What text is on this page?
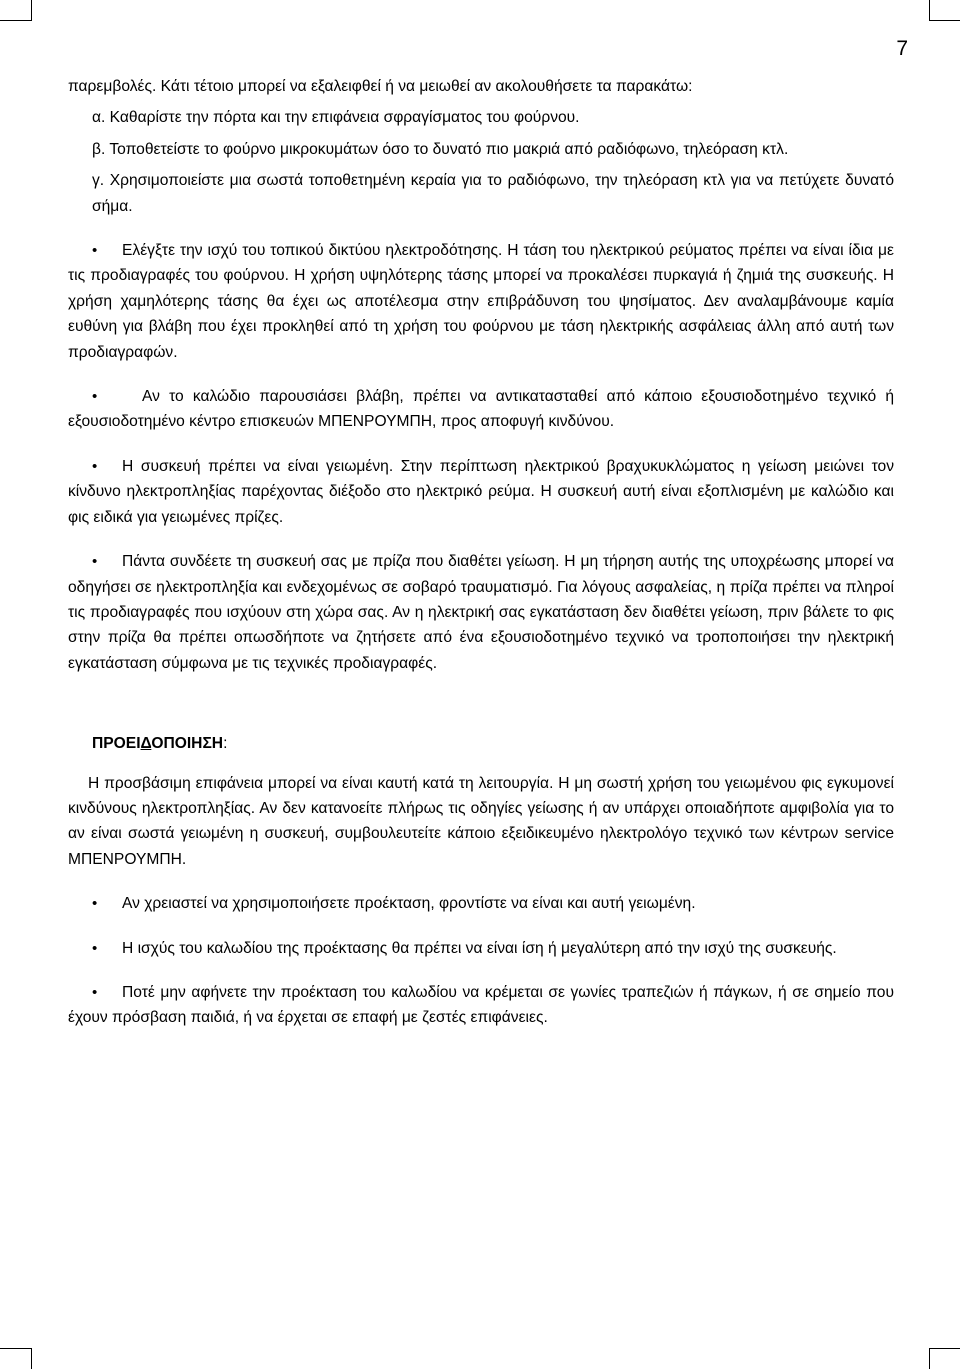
7

παρεμβολές. Κάτι τέτοιο μπορεί να εξαλειφθεί ή να μειωθεί αν ακολουθήσετε τα παρακάτω:

α. Καθαρίστε την πόρτα και την επιφάνεια σφραγίσματος του φούρνου.

β. Τοποθετείστε το φούρνο μικροκυμάτων όσο το δυνατό πιο μακριά από ραδιόφωνο, τηλεόραση κτλ.

γ. Χρησιμοποιείστε μια σωστά τοποθετημένη κεραία για το ραδιόφωνο, την τηλεόραση κτλ για να πετύχετε δυνατό σήμα.

• Ελέγξτε την ισχύ του τοπικού δικτύου ηλεκτροδότησης. Η τάση του ηλεκτρικού ρεύματος πρέπει να είναι ίδια με τις προδιαγραφές του φούρνου. Η χρήση υψηλότερης τάσης μπορεί να προκαλέσει πυρκαγιά ή ζημιά της συσκευής. Η χρήση χαμηλότερης τάσης θα έχει ως αποτέλεσμα στην επιβράδυνση του ψησίματος. Δεν αναλαμβάνουμε καμία ευθύνη για βλάβη που έχει προκληθεί από τη χρήση του φούρνου με τάση ηλεκτρικής ασφάλειας άλλη από αυτή των προδιαγραφών.

•	Αν το καλώδιο παρουσιάσει βλάβη, πρέπει να αντικατασταθεί από κάποιο εξουσιοδοτημένο τεχνικό ή εξουσιοδοτημένο κέντρο επισκευών ΜΠΕΝΡΟΥΜΠΗ, προς αποφυγή κινδύνου.

• Η συσκευή πρέπει να είναι γειωμένη. Στην περίπτωση ηλεκτρικού βραχυκυκλώματος η γείωση μειώνει τον κίνδυνο ηλεκτροπληξίας παρέχοντας διέξοδο στο ηλεκτρικό ρεύμα. Η συσκευή αυτή είναι εξοπλισμένη με καλώδιο και φις ειδικά για γειωμένες πρίζες.

• Πάντα συνδέετε τη συσκευή σας με πρίζα που διαθέτει γείωση. Η μη τήρηση αυτής της υποχρέωσης μπορεί να οδηγήσει σε ηλεκτροπληξία και ενδεχομένως σε σοβαρό τραυματισμό. Για λόγους ασφαλείας, η πρίζα πρέπει να πληροί τις προδιαγραφές που ισχύουν στη χώρα σας. Αν η ηλεκτρική σας εγκατάσταση δεν διαθέτει γείωση, πριν βάλετε το φις στην πρίζα θα πρέπει οπωσδήποτε να ζητήσετε από ένα εξουσιοδοτημένο τεχνικό να τροποποιήσει την ηλεκτρική εγκατάσταση σύμφωνα με τις τεχνικές προδιαγραφές.

ΠΡΟΕΙΔΟΠΟΙΗΣΗ:

Η προσβάσιμη επιφάνεια μπορεί να είναι καυτή κατά τη λειτουργία. Η μη σωστή χρήση του γειωμένου φις εγκυμονεί κινδύνους ηλεκτροπληξίας. Αν δεν κατανοείτε πλήρως τις οδηγίες γείωσης ή αν υπάρχει οποιαδήποτε αμφιβολία για το αν είναι σωστά γειωμένη η συσκευή, συμβουλευτείτε κάποιο εξειδικευμένο ηλεκτρολόγο τεχνικό των κέντρων service ΜΠΕΝΡΟΥΜΠΗ.

• Αν χρειαστεί να χρησιμοποιήσετε προέκταση, φροντίστε να είναι και αυτή γειωμένη.

• Η ισχύς του καλωδίου της προέκτασης θα πρέπει να είναι ίση ή μεγαλύτερη από την ισχύ της συσκευής.

• Ποτέ μην αφήνετε την προέκταση του καλωδίου να κρέμεται σε γωνίες τραπεζιών ή πάγκων, ή σε σημείο που έχουν πρόσβαση παιδιά, ή να έρχεται σε επαφή με ζεστές επιφάνειες.
